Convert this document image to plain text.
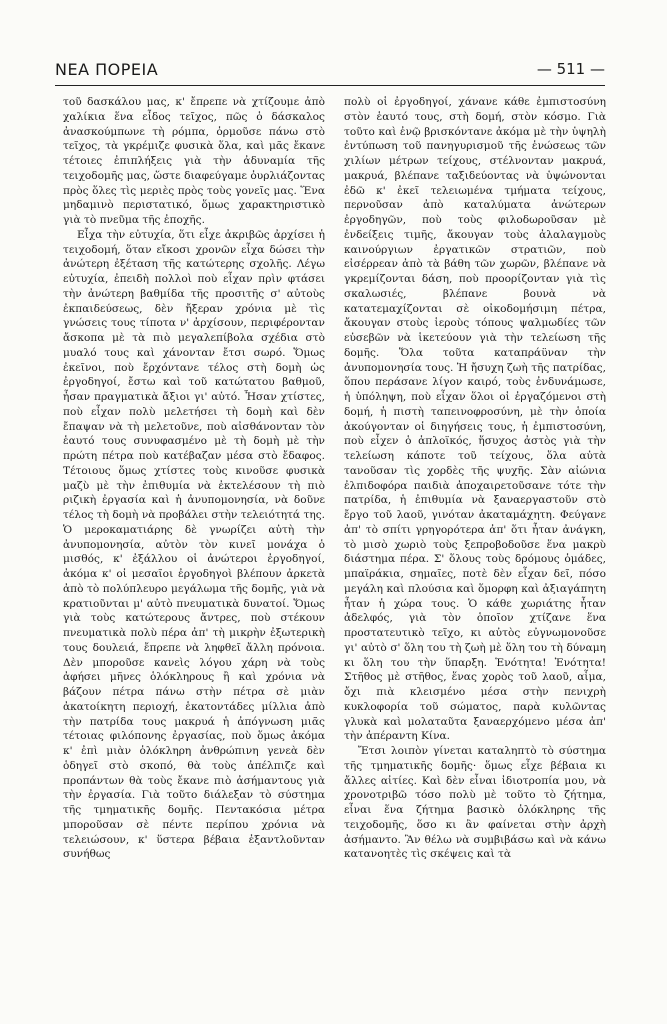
ΝΕΑ ΠΟΡΕΙΑ	— 511 —

τοῦ δασκάλου μας, κ' ἔπρεπε νὰ χτίζουμε ἀπὸ χαλίκια ἕνα εἶδος τεῖχος, πῶς ὁ δάσκαλος ἀνασκούμπωνε τὴ ρόμπα, ὁρμοῦσε πάνω στὸ τεῖχος, τὰ γκρέμιζε φυσικὰ ὅλα, καὶ μᾶς ἔκανε τέτοιες ἐπιπλήξεις γιὰ τὴν ἀδυναμία τῆς τειχοδομῆς μας, ὥστε διαφεύγαμε ὀυρλιάζοντας πρὸς ὅλες τὶς μεριὲς πρὸς τοὺς γονεῖς μας. Ἕνα μηδαμινὸ περιστατικό, ὅμως χαρακτηριστικὸ γιὰ τὸ πνεῦμα τῆς ἐποχῆς.

Εἶχα τὴν εὐτυχία, ὅτι εἶχε ἀκριβῶς ἀρχίσει ἡ τειχοδομή, ὅταν εἴκοσι χρονῶν εἶχα δώσει τὴν ἀνώτερη ἐξέταση τῆς κατώτερης σχολῆς. Λέγω εὐτυχία, ἐπειδὴ πολλοὶ ποὺ εἶχαν πρὶν φτάσει τὴν ἀνώτερη βαθμίδα τῆς προσιτῆς σ' αὐτοὺς ἐκπαιδεύσεως, δὲν ἤξεραν χρόνια μὲ τὶς γνώσεις τους τίποτα ν' ἀρχίσουν, περιφέρονταν ἄσκοπα μὲ τὰ πιὸ μεγαλεπίβολα σχέδια στὸ μυαλό τους καὶ χάνονταν ἔτσι σωρό. Ὅμως ἐκεῖνοι, ποὺ ἔρχόντανε τέλος στὴ δομὴ ὡς ἐργοδηγοί, ἔστω καὶ τοῦ κατώτατου βαθμοῦ, ἦσαν πραγματικὰ ἄξιοι γι' αὐτό. Ἦσαν χτίστες, ποὺ εἶχαν πολὺ μελετήσει τὴ δομὴ καὶ δὲν ἔπαψαν νὰ τὴ μελετοῦνε, ποὺ αἰσθάνονταν τὸν ἑαυτό τους συνυφασμένο μὲ τὴ δομὴ μὲ τὴν πρώτη πέτρα ποὺ κατέβαζαν μέσα στὸ ἔδαφος. Τέτοιους ὅμως χτίστες τοὺς κινοῦσε φυσικὰ μαζὺ μὲ τὴν ἐπιθυμία νὰ ἐκτελέσουν τὴ πιὸ ριζικὴ ἐργασία καὶ ἡ ἀνυπομονησία, νὰ δοῦνε τέλος τὴ δομὴ νὰ προβάλει στὴν τελειότητά της. Ὁ μεροκαματιάρης δὲ γνωρίζει αὐτὴ τὴν ἀνυπομονησία, αὐτὸν τὸν κινεῖ μονάχα ὁ μισθός, κ' ἐξάλλου οἱ ἀνώτεροι ἐργοδηγοί, ἀκόμα κ' οἱ μεσαῖοι ἐργοδηγοὶ βλέπουν ἀρκετὰ ἀπὸ τὸ πολύπλευρο μεγάλωμα τῆς δομῆς, γιὰ νὰ κρατιοῦνται μ' αὐτὸ πνευματικὰ δυνατοί. Ὅμως γιὰ τοὺς κατώτερους ἄντρες, ποὺ στέκουν πνευματικὰ πολὺ πέρα ἀπ' τὴ μικρὴν ἐξωτερικὴ τους δουλειά, ἔπρεπε νὰ ληφθεῖ ἄλλη πρόνοια. Δὲν μποροῦσε κανεὶς λόγου χάρη νὰ τοὺς ἀφήσει μῆνες ὁλόκληρους ἢ καὶ χρόνια νὰ βάζουν πέτρα πάνω στὴν πέτρα σὲ μιὰν ἀκατοίκητη περιοχή, ἑκατοντάδες μίλλια ἀπὸ τὴν πατρίδα τους μακρυά ἡ ἀπόγνωση μιᾶς τέτοιας φιλόπονης ἐργασίας, ποὺ ὅμως ἀκόμα κ' ἐπὶ μιὰν ὁλόκληρη ἀνθρώπινη γενεὰ δὲν ὁδηγεῖ στὸ σκοπό, θὰ τοὺς ἀπέλπιζε καὶ προπάντων θὰ τοὺς ἔκανε πιὸ ἀσήμαντους γιὰ τὴν ἐργασία. Γιὰ τοῦτο διάλεξαν τὸ σύστημα τῆς τμηματικῆς δομῆς. Πεντακόσια μέτρα μποροῦσαν σὲ πέντε περίπου χρόνια νὰ τελειώσουν, κ' ὕστερα βέβαια ἐξαντλοῦνταν συνήθως

πολὺ οἱ ἐργοδηγοί, χάνανε κάθε ἐμπιστοσύνη στὸν ἑαυτό τους, στὴ δομή, στὸν κόσμο. Γιὰ τοῦτο καὶ ἐνῷ βρισκόντανε ἀκόμα μὲ τὴν ὑψηλὴ ἐντύπωση τοῦ πανηγυρισμοῦ τῆς ἑνώσεως τῶν χιλίων μέτρων τείχους, στέλνονταν μακρυά, μακρυά, βλέπανε ταξιδεύοντας νὰ ὑψώνονται ἐδῶ κ' ἐκεῖ τελειωμένα τμήματα τείχους, περνοῦσαν ἀπὸ καταλύματα ἀνώτερων ἐργοδηγῶν, ποὺ τοὺς φιλοδωροῦσαν μὲ ἐνδείξεις τιμῆς, ἄκουγαν τοὺς ἀλαλαγμοὺς καινούργιων ἐργατικῶν στρατιῶν, ποὺ εἰσέρρεαν ἀπὸ τὰ βάθη τῶν χωρῶν, βλέπανε νὰ γκρεμίζονται δάση, ποὺ προορίζονταν γιὰ τὶς σκαλωσιές, βλέπανε βουνὰ νὰ κατατεμαχίζονται σὲ οἰκοδομήσιμη πέτρα, ἄκουγαν στοὺς ἱεροὺς τόπους ψαλμωδίες τῶν εὐσεβῶν νὰ ἱκετεύουν γιὰ τὴν τελείωση τῆς δομῆς. Ὅλα τοῦτα καταπράϋναν τὴν ἀνυπομονησία τους. Ἡ ἤσυχη ζωὴ τῆς πατρίδας, ὅπου περάσανε λίγον καιρό, τοὺς ἐνδυνάμωσε, ἡ ὑπόληψη, ποὺ εἶχαν ὅλοι οἱ ἐργαζόμενοι στὴ δομή, ἡ πιστὴ ταπεινοφροσύνη, μὲ τὴν ὁποία ἀκούγονταν οἱ διηγήσεις τους, ἡ ἐμπιστοσύνη, ποὺ εἶχεν ὁ ἁπλοϊκός, ἥσυχος ἀστὸς γιὰ τὴν τελείωση κάποτε τοῦ τείχους, ὅλα αὐτὰ τανοῦσαν τὶς χορδὲς τῆς ψυχῆς. Σὰν αἰώνια ἐλπιδοφόρα παιδιὰ ἀποχαιρετοῦσανε τότε τὴν πατρίδα, ἡ ἐπιθυμία νὰ ξαναεργαστοῦν στὸ ἔργο τοῦ λαοῦ, γινόταν ἀκαταμάχητη. Φεύγανε ἀπ' τὸ σπίτι γρηγορότερα ἀπ' ὅτι ἦταν ἀνάγκη, τὸ μισὸ χωριὸ τοὺς ξεπροβοδοῦσε ἕνα μακρὺ διάστημα πέρα. Σ' ὅλους τοὺς δρόμους ὁμάδες, μπαϊράκια, σημαῖες, ποτὲ δὲν εἶχαν δεῖ, πόσο μεγάλη καὶ πλούσια καὶ ὅμορφη καὶ ἀξιαγάπητη ἦταν ἡ χώρα τους. Ὁ κάθε χωριάτης ἦταν ἀδελφός, γιὰ τὸν ὁποῖον χτίζανε ἕνα προστατευτικὸ τεῖχο, κι αὐτὸς εὐγνωμονοῦσε γι' αὐτὸ σ' ὅλη του τὴ ζωὴ μὲ ὅλη του τὴ δύναμη κι ὅλη του τὴν ὕπαρξη. Ἑνότητα! Ἑνότητα! Στῆθος μὲ στῆθος, ἕνας χορὸς τοῦ λαοῦ, αἷμα, ὄχι πιὰ κλεισμένο μέσα στὴν πενιχρὴ κυκλοφορία τοῦ σώματος, παρὰ κυλῶντας γλυκὰ καὶ μολαταῦτα ξαναερχόμενο μέσα ἀπ' τὴν ἀπέραντη Κίνα.

Ἔτσι λοιπὸν γίνεται καταληπτὸ τὸ σύστημα τῆς τμηματικῆς δομῆς· ὅμως εἶχε βέβαια κι ἄλλες αἰτίες. Καὶ δὲν εἶναι ἰδιοτροπία μου, νὰ χρονοτριβῶ τόσο πολὺ μὲ τοῦτο τὸ ζήτημα, εἶναι ἕνα ζήτημα βασικὸ ὁλόκληρης τῆς τειχοδομῆς, ὅσο κι ἂν φαίνεται στὴν ἀρχὴ ἀσήμαντο. Ἂν θέλω νὰ συμβιβάσω καὶ νὰ κάνω κατανοητὲς τὶς σκέψεις καὶ τὰ
